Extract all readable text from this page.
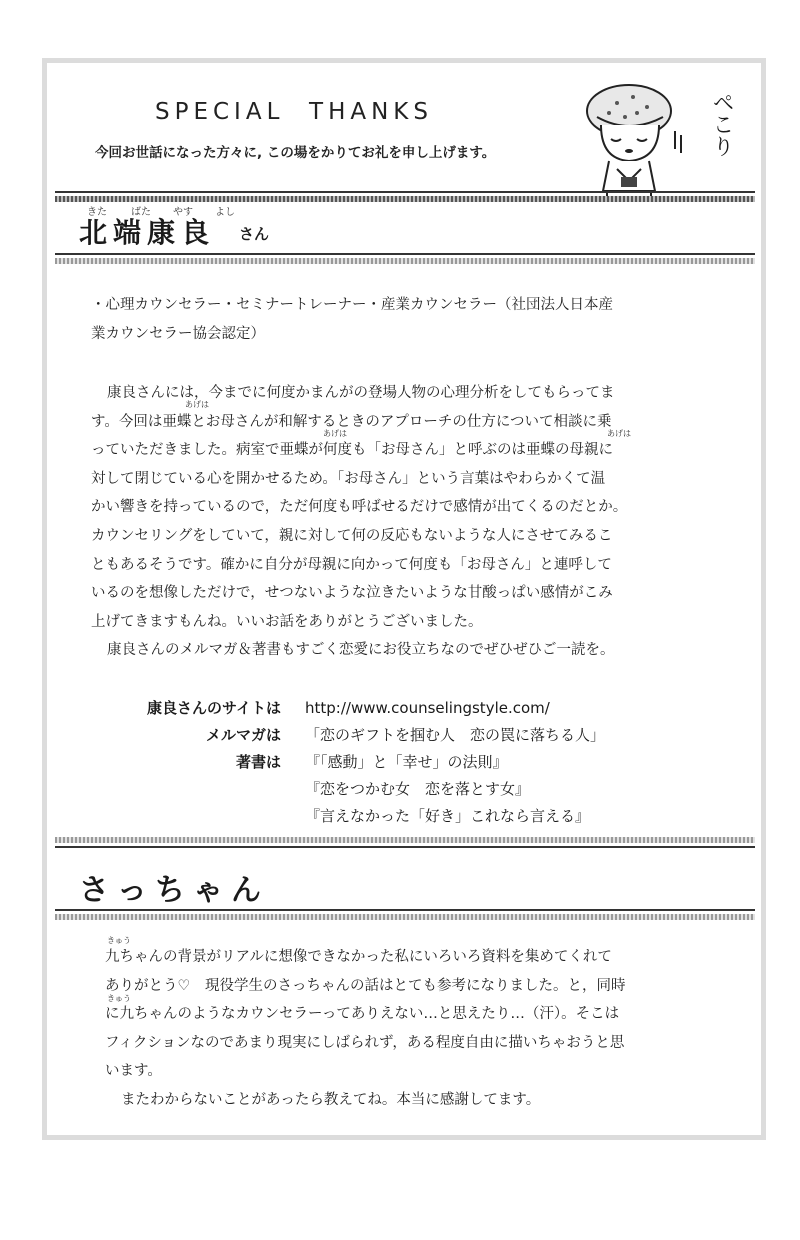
SPECIAL  THANKS
今回お世話になった方々に, この場をかりてお礼を申し上げます。	ペこり
きた ばた やす よし
北端康良 さん

・心理カウンセラー・セミナートレーナー・産業カウンセラー（社団法人日本産

業カウンセラー協会認定）

あげは
あげは	あげは

康良さんには，今までに何度かまんがの登場人物の心理分析をしてもらってま

す。今回は亜蝶とお母さんが和解するときのアプローチの仕方について相談に乗

っていただきました。病室で亜蝶が何度も「お母さん」と呼ぶのは亜蝶の母親に

対して閉じている心を開かせるため。「お母さん」という言葉はやわらかくて温

かい響きを持っているので，ただ何度も呼ばせるだけで感情が出てくるのだとか。

カウンセリングをしていて，親に対して何の反応もないような人にさせてみるこ

ともあるそうです。確かに自分が母親に向かって何度も「お母さん」と連呼して

いるのを想像しただけで，せつないような泣きたいような甘酸っぱい感情がこみ

上げてきますもんね。いいお話をありがとうございました。

康良さんのメルマガ＆著書もすごく恋愛にお役立ちなのでぜひぜひご一読を。

康良さんのサイトは http://www.counselingstyle.com/
メルマガは 「恋のギフトを掴む人　恋の罠に落ちる人」
著書は 『「感動」と「幸せ」の法則』
『恋をつかむ女　恋を落とす女』
『言えなかった「好き」これなら言える』
さっちゃん
きゅう
きゅう

九ちゃんの背景がリアルに想像できなかった私にいろいろ資料を集めてくれて

ありがとう♡　現役学生のさっちゃんの話はとても参考になりました。と，同時

に九ちゃんのようなカウンセラーってありえない…と思えたり…（汗）。そこは

フィクションなのであまり現実にしばられず，ある程度自由に描いちゃおうと思

います。

またわからないことがあったら教えてね。本当に感謝してます。
